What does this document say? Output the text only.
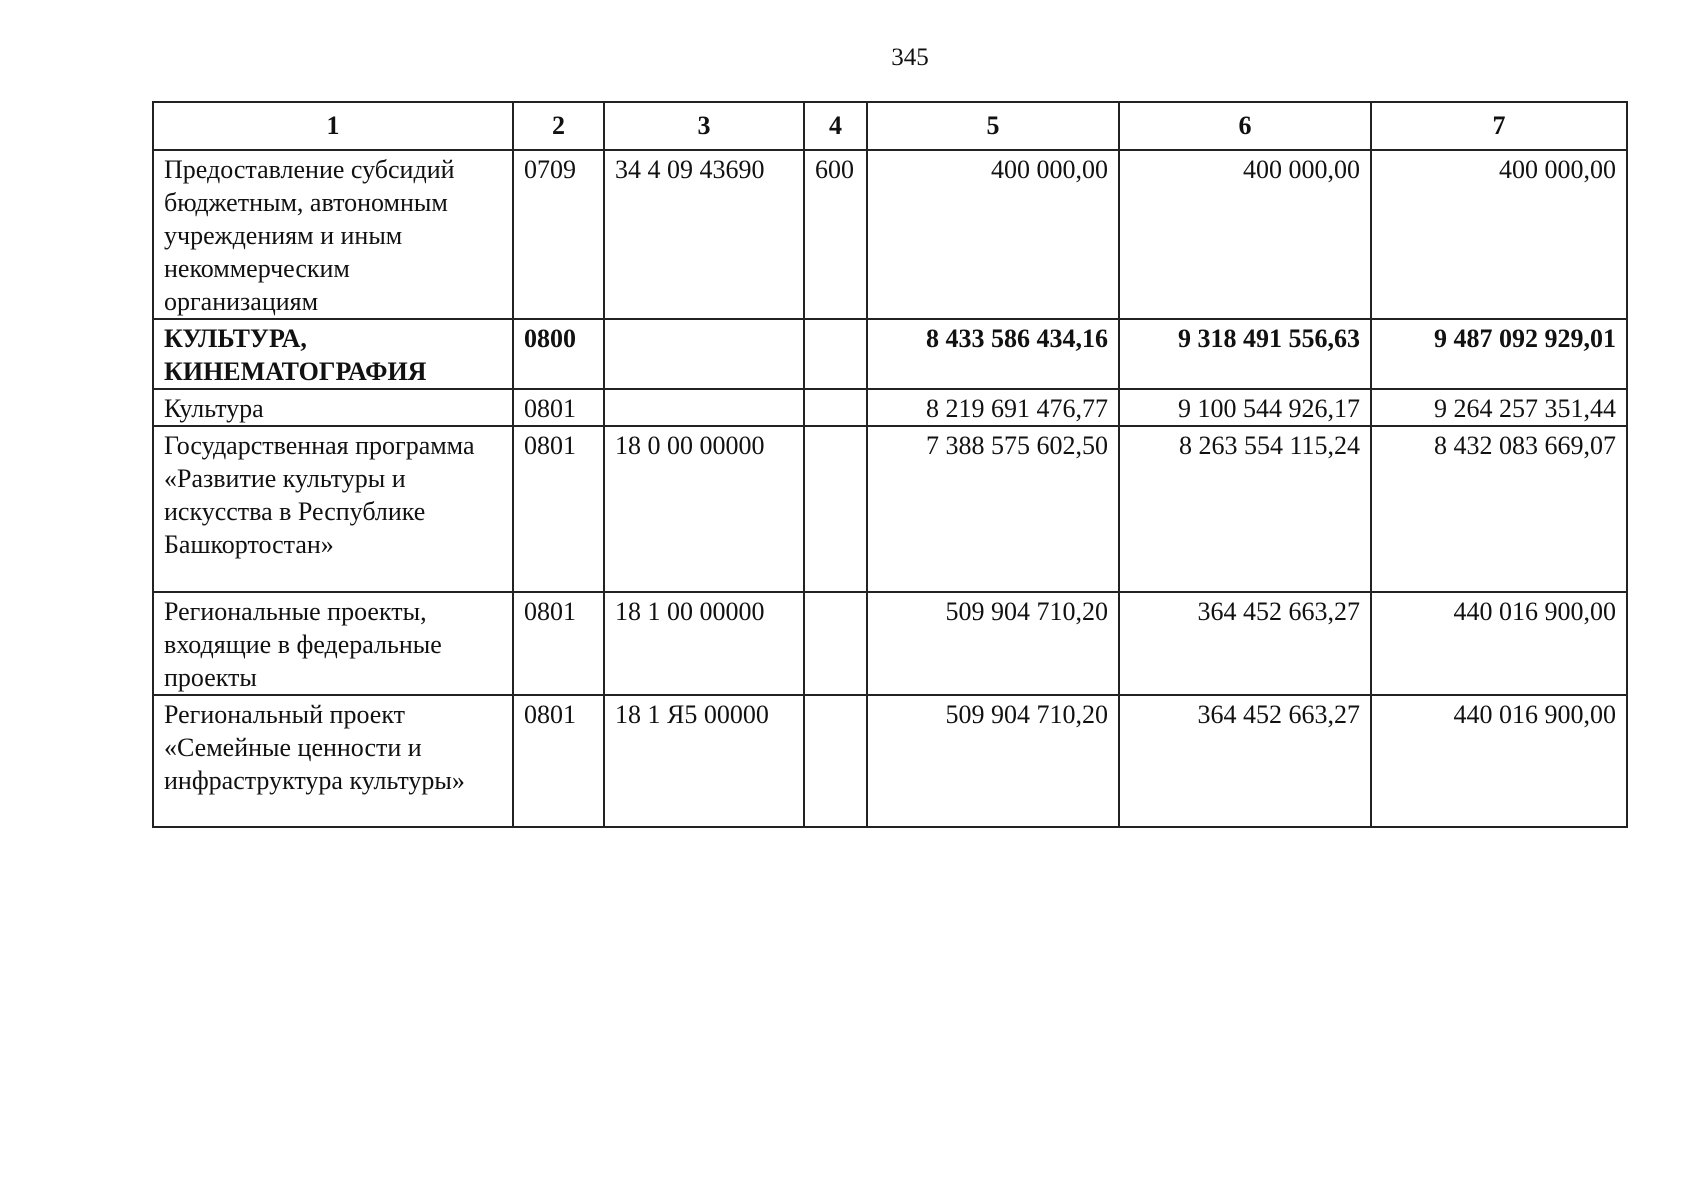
345
1	2	3	4	5	6	7
Предоставление субсидий бюджетным, автономным учреждениям и иным некоммерческим организациям	0709	34 4 09 43690	600	400 000,00	400 000,00	400 000,00
КУЛЬТУРА, КИНЕМАТОГРАФИЯ	0800			8 433 586 434,16	9 318 491 556,63	9 487 092 929,01
Культура	0801			8 219 691 476,77	9 100 544 926,17	9 264 257 351,44
Государственная программа «Развитие культуры и искусства в Республике Башкортостан»	0801	18 0 00 00000		7 388 575 602,50	8 263 554 115,24	8 432 083 669,07
Региональные проекты, входящие в федеральные проекты	0801	18 1 00 00000		509 904 710,20	364 452 663,27	440 016 900,00
Региональный проект «Семейные ценности и инфраструктура культуры»	0801	18 1 Я5 00000		509 904 710,20	364 452 663,27	440 016 900,00
